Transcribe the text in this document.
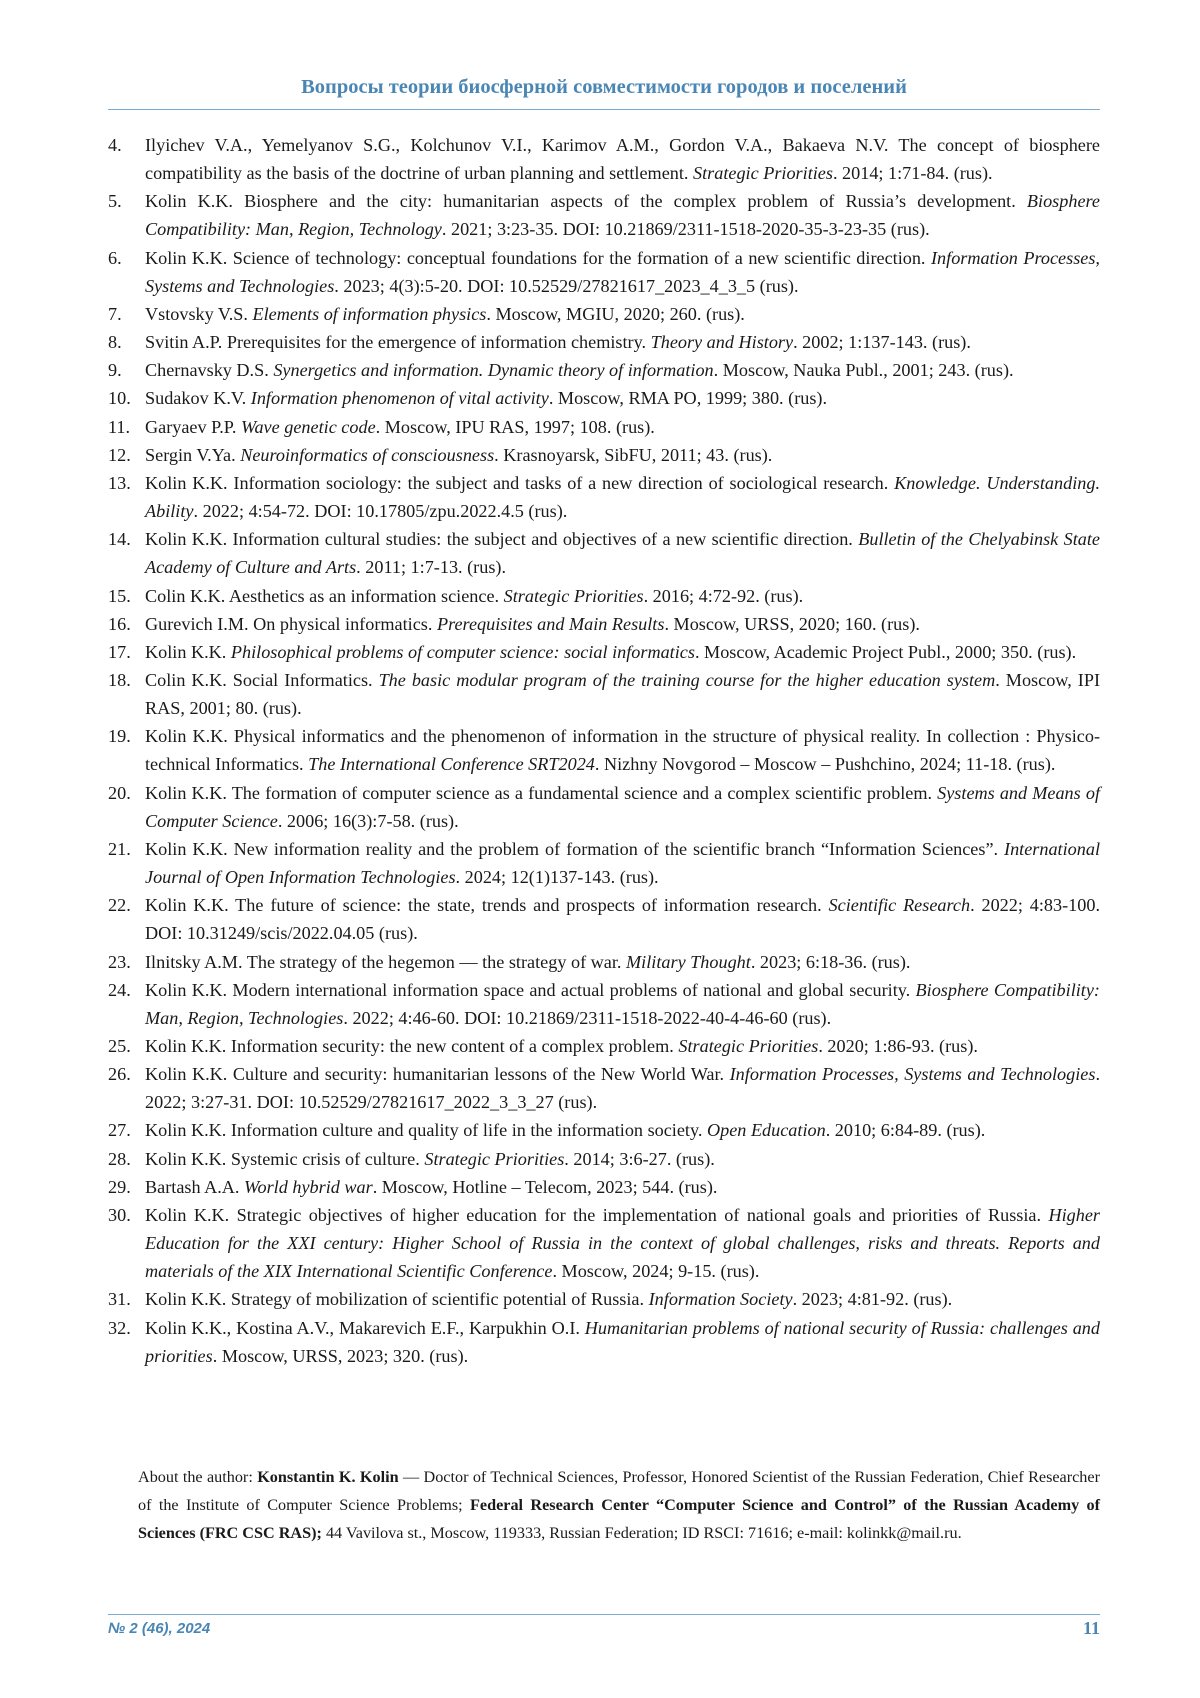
Вопросы теории биосферной совместимости городов и поселений
4.	Ilyichev V.A., Yemelyanov S.G., Kolchunov V.I., Karimov A.M., Gordon V.A., Bakaeva N.V. The concept of biosphere compatibility as the basis of the doctrine of urban planning and settlement. Strategic Priorities. 2014; 1:71-84. (rus).
5.	Kolin K.K. Biosphere and the city: humanitarian aspects of the complex problem of Russia’s development. Biosphere Compatibility: Man, Region, Technology. 2021; 3:23-35. DOI: 10.21869/2311-1518-2020-35-3-23-35 (rus).
6.	Kolin K.K. Science of technology: conceptual foundations for the formation of a new scientific direction. Information Processes, Systems and Technologies. 2023; 4(3):5-20. DOI: 10.52529/27821617_2023_4_3_5 (rus).
7.	Vstovsky V.S. Elements of information physics. Moscow, MGIU, 2020; 260. (rus).
8.	Svitin A.P. Prerequisites for the emergence of information chemistry. Theory and History. 2002; 1:137-143. (rus).
9.	Chernavsky D.S. Synergetics and information. Dynamic theory of information. Moscow, Nauka Publ., 2001; 243. (rus).
10. Sudakov K.V. Information phenomenon of vital activity. Moscow, RMA PO, 1999; 380. (rus).
11. Garyaev P.P. Wave genetic code. Moscow, IPU RAS, 1997; 108. (rus).
12. Sergin V.Ya. Neuroinformatics of consciousness. Krasnoyarsk, SibFU, 2011; 43. (rus).
13. Kolin K.K. Information sociology: the subject and tasks of a new direction of sociological research. Knowledge. Understanding. Ability. 2022; 4:54-72. DOI: 10.17805/zpu.2022.4.5 (rus).
14. Kolin K.K. Information cultural studies: the subject and objectives of a new scientific direction. Bulletin of the Chelyabinsk State Academy of Culture and Arts. 2011; 1:7-13. (rus).
15. Colin K.K. Aesthetics as an information science. Strategic Priorities. 2016; 4:72-92. (rus).
16. Gurevich I.M. On physical informatics. Prerequisites and Main Results. Moscow, URSS, 2020; 160. (rus).
17. Kolin K.K. Philosophical problems of computer science: social informatics. Moscow, Academic Project Publ., 2000; 350. (rus).
18. Colin K.K. Social Informatics. The basic modular program of the training course for the higher education system. Moscow, IPI RAS, 2001; 80. (rus).
19. Kolin K.K. Physical informatics and the phenomenon of information in the structure of physical reality. In collection : Physico-technical Informatics. The International Conference SRT2024. Nizhny Novgorod – Moscow – Pushchino, 2024; 11-18. (rus).
20. Kolin K.K. The formation of computer science as a fundamental science and a complex scientific problem. Systems and Means of Computer Science. 2006; 16(3):7-58. (rus).
21. Kolin K.K. New information reality and the problem of formation of the scientific branch “Information Sciences”. International Journal of Open Information Technologies. 2024; 12(1)137-143. (rus).
22. Kolin K.K. The future of science: the state, trends and prospects of information research. Scientific Research. 2022; 4:83-100. DOI: 10.31249/scis/2022.04.05 (rus).
23. Ilnitsky A.M. The strategy of the hegemon — the strategy of war. Military Thought. 2023; 6:18-36. (rus).
24. Kolin K.K. Modern international information space and actual problems of national and global security. Biosphere Compatibility: Man, Region, Technologies. 2022; 4:46-60. DOI: 10.21869/2311-1518-2022-40-4-46-60 (rus).
25. Kolin K.K. Information security: the new content of a complex problem. Strategic Priorities. 2020; 1:86-93. (rus).
26. Kolin K.K. Culture and security: humanitarian lessons of the New World War. Information Processes, Systems and Technologies. 2022; 3:27-31. DOI: 10.52529/27821617_2022_3_3_27 (rus).
27. Kolin K.K. Information culture and quality of life in the information society. Open Education. 2010; 6:84-89. (rus).
28. Kolin K.K. Systemic crisis of culture. Strategic Priorities. 2014; 3:6-27. (rus).
29. Bartash A.A. World hybrid war. Moscow, Hotline – Telecom, 2023; 544. (rus).
30. Kolin K.K. Strategic objectives of higher education for the implementation of national goals and priorities of Russia. Higher Education for the XXI century: Higher School of Russia in the context of global challenges, risks and threats. Reports and materials of the XIX International Scientific Conference. Moscow, 2024; 9-15. (rus).
31. Kolin K.K. Strategy of mobilization of scientific potential of Russia. Information Society. 2023; 4:81-92. (rus).
32. Kolin K.K., Kostina A.V., Makarevich E.F., Karpukhin O.I. Humanitarian problems of national security of Russia: challenges and priorities. Moscow, URSS, 2023; 320. (rus).
About the author: Konstantin K. Kolin — Doctor of Technical Sciences, Professor, Honored Scientist of the Russian Federation, Chief Researcher of the Institute of Computer Science Problems; Federal Research Center “Computer Science and Control” of the Russian Academy of Sciences (FRC CSC RAS); 44 Vavilova st., Moscow, 119333, Russian Federation; ID RSCI: 71616; e-mail: kolinkk@mail.ru.
№ 2 (46), 2024	11
